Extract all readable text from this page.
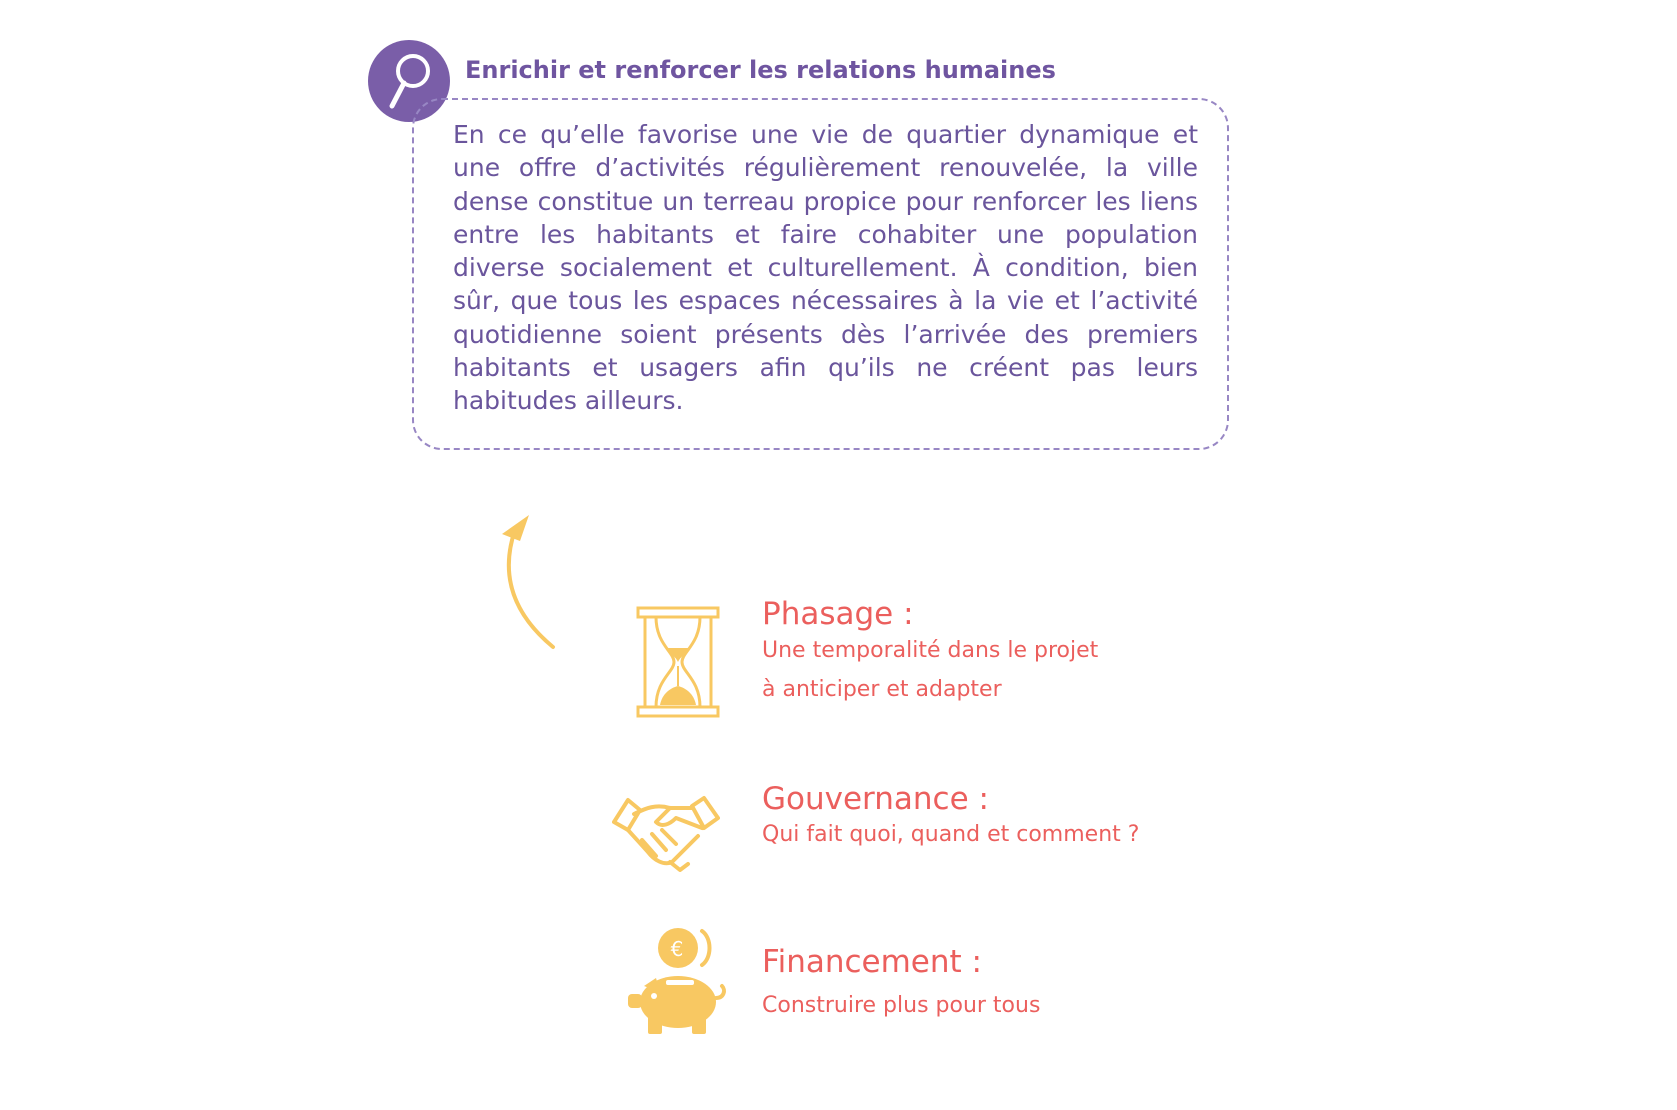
Enrichir et renforcer les relations humaines

En ce qu’elle favorise une vie de quartier dynamique et une offre d’activités régulièrement renouvelée, la ville dense constitue un terreau propice pour renforcer les liens entre les habitants et faire cohabiter une population diverse socialement et culturellement. À condition, bien sûr, que tous les espaces nécessaires à la vie et l’activité quotidienne soient présents dès l’arrivée des premiers habitants et usagers afin qu’ils ne créent pas leurs habitudes ailleurs.

Phasage :
Une temporalité dans le projet
à anticiper et adapter
Gouvernance :
Qui fait quoi, quand et comment ?
€	Financement :
Construire plus pour tous
